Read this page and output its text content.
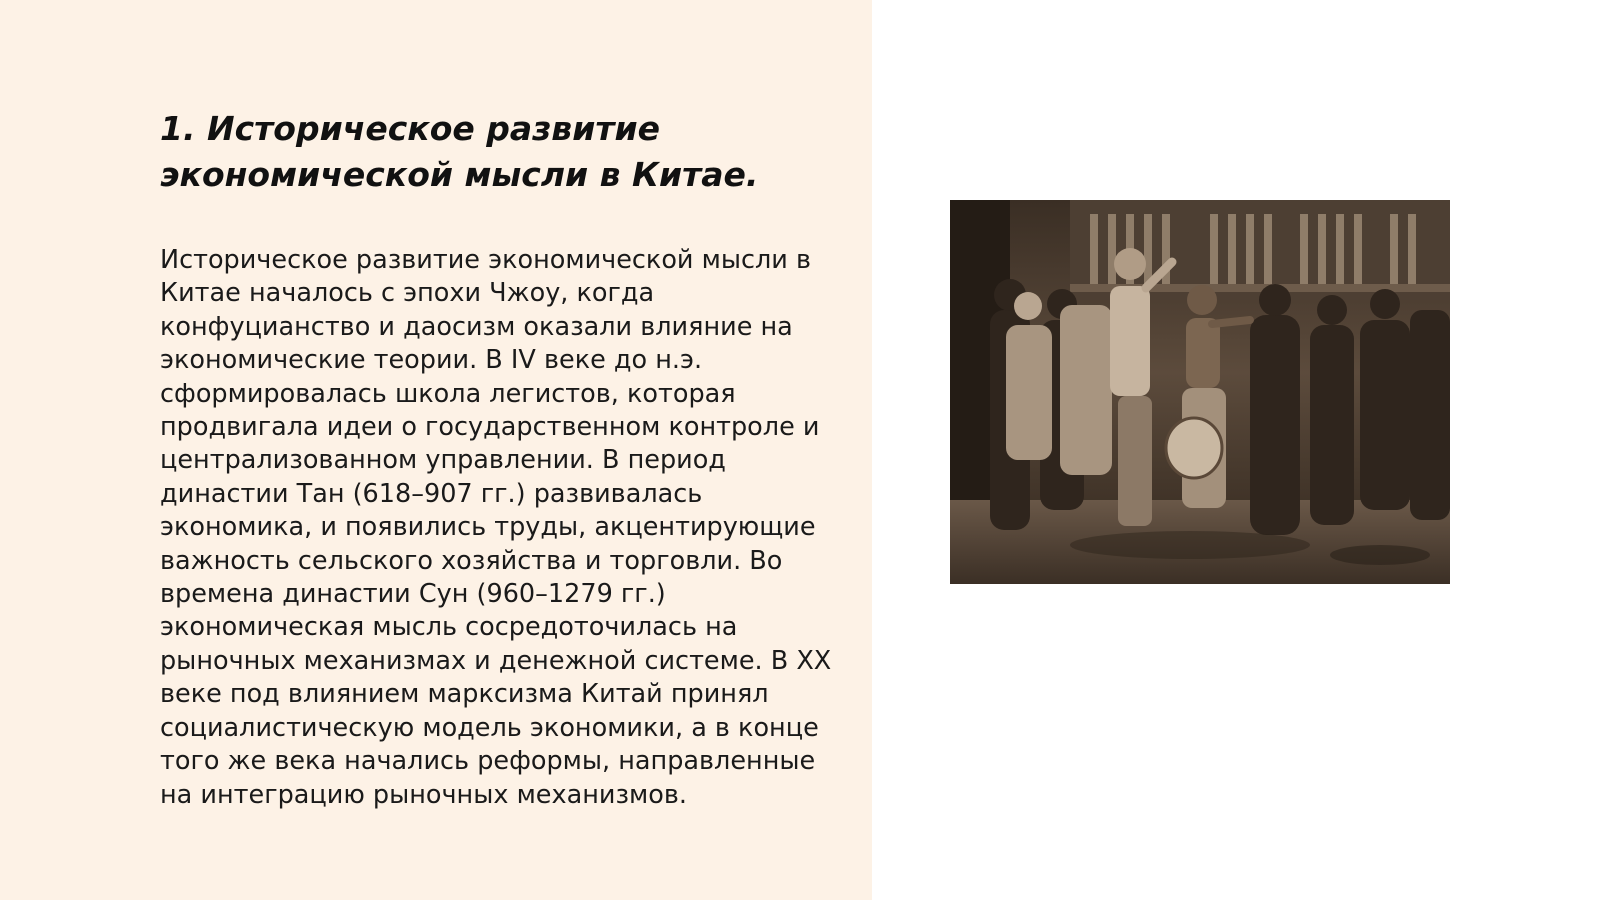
1. Историческое развитие экономической мысли в Китае.

Историческое развитие экономической мысли в Китае началось с эпохи Чжоу, когда конфуцианство и даосизм оказали влияние на экономические теории. В IV веке до н.э. сформировалась школа легистов, которая продвигала идеи о государственном контроле и централизованном управлении. В период династии Тан (618–907 гг.) развивалась экономика, и появились труды, акцентирующие важность сельского хозяйства и торговли. Во времена династии Сун (960–1279 гг.) экономическая мысль сосредоточилась на рыночных механизмах и денежной системе. В XX веке под влиянием марксизма Китай принял социалистическую модель экономики, а в конце того же века начались реформы, направленные на интеграцию рыночных механизмов.
